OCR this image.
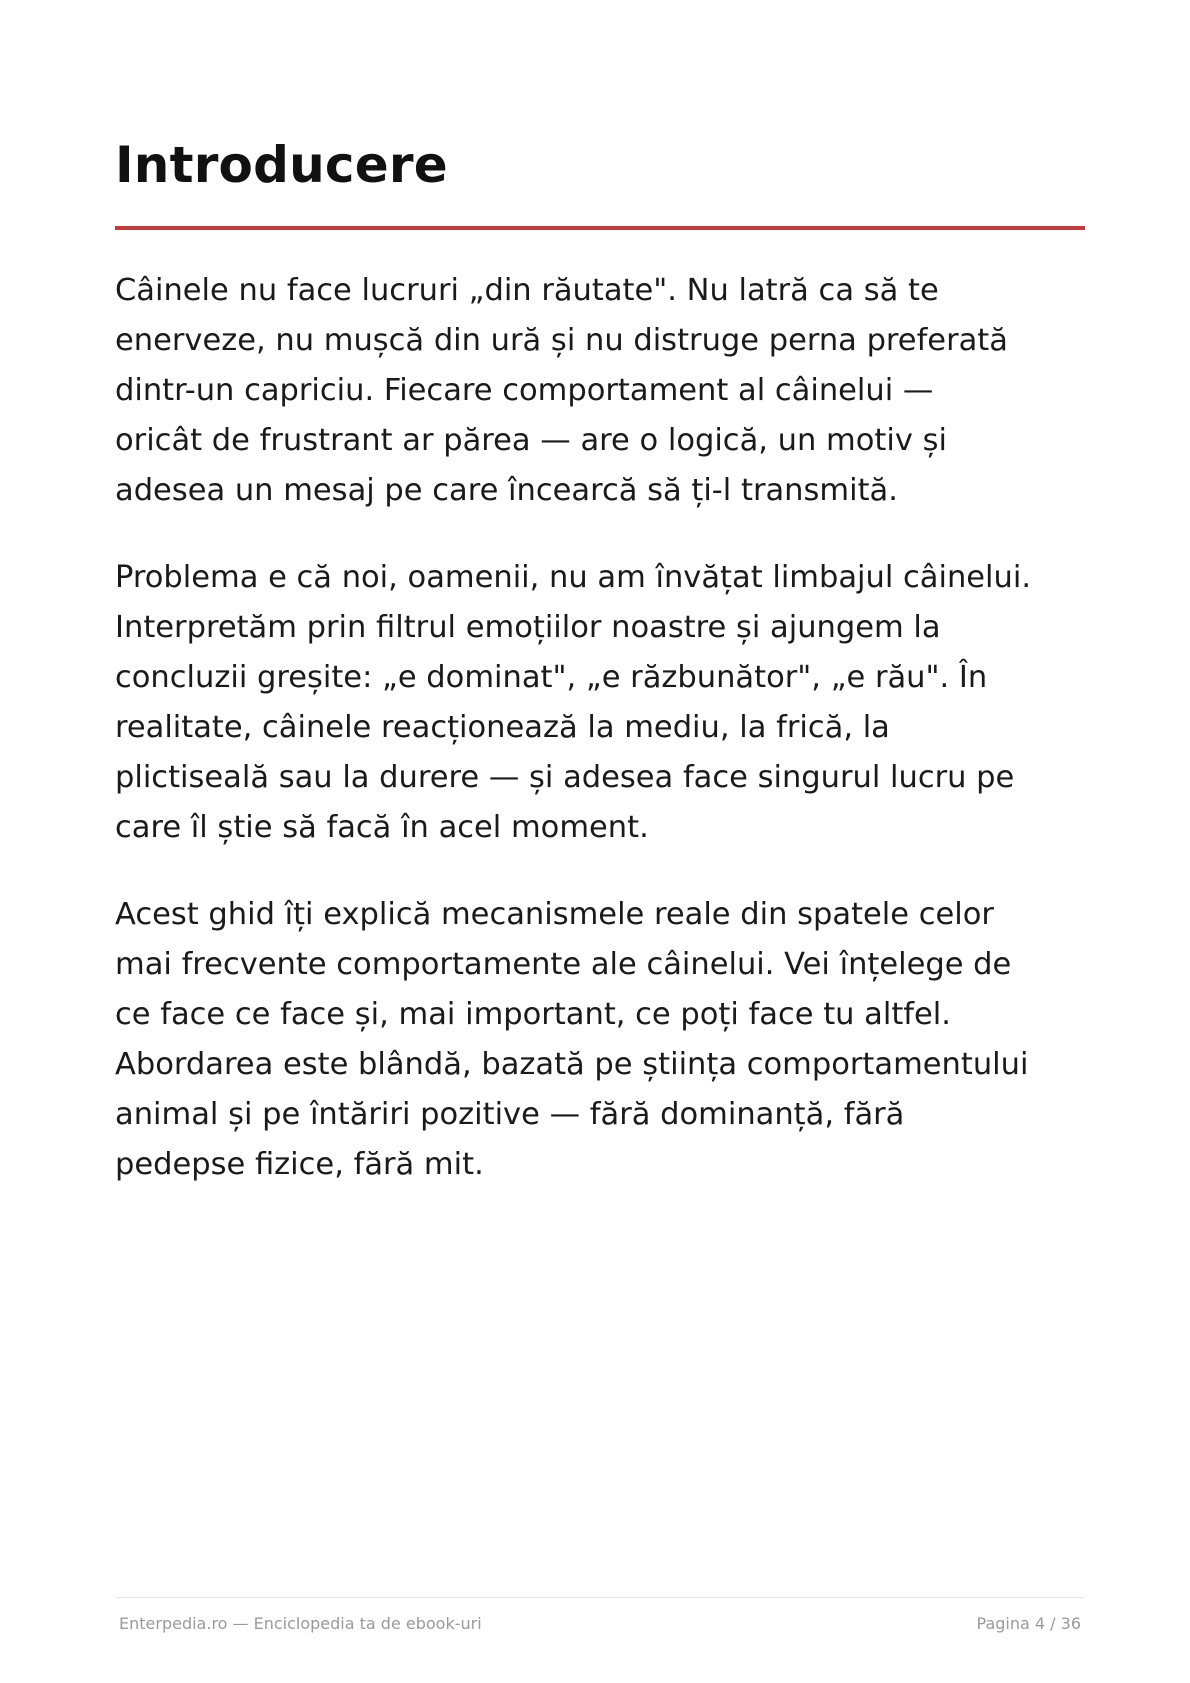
Introducere

Câinele nu face lucruri „din răutate". Nu latră ca să te
enerveze, nu mușcă din ură și nu distruge perna preferată
dintr-un capriciu. Fiecare comportament al câinelui —
oricât de frustrant ar părea — are o logică, un motiv și
adesea un mesaj pe care încearcă să ți-l transmită.

Problema e că noi, oamenii, nu am învățat limbajul câinelui.
Interpretăm prin filtrul emoțiilor noastre și ajungem la
concluzii greșite: „e dominat", „e răzbunător", „e rău". În
realitate, câinele reacționează la mediu, la frică, la
plictiseală sau la durere — și adesea face singurul lucru pe
care îl știe să facă în acel moment.

Acest ghid îți explică mecanismele reale din spatele celor
mai frecvente comportamente ale câinelui. Vei înțelege de
ce face ce face și, mai important, ce poți face tu altfel.
Abordarea este blândă, bazată pe știința comportamentului
animal și pe întăriri pozitive — fără dominanță, fără
pedepse fizice, fără mit.

Enterpedia.ro — Enciclopedia ta de ebook-uri	Pagina 4 / 36
